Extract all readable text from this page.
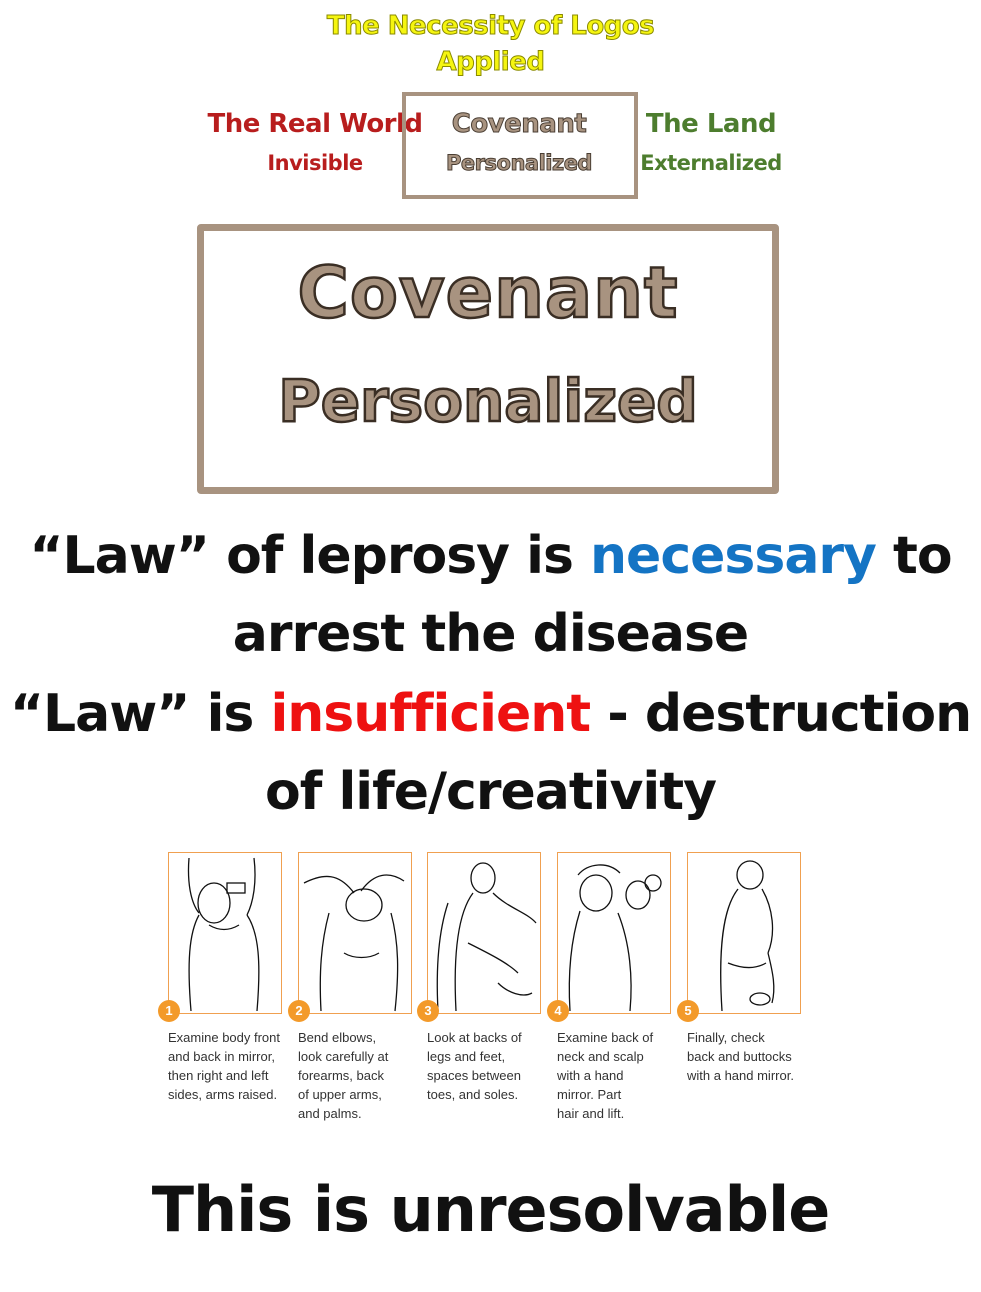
The Necessity of Logos
Applied
The Real World
Invisible
Covenant
Personalized
The Land
Externalized
Covenant
Personalized
“Law” of leprosy is necessary to
arrest the disease
“Law” is insufficient - destruction
of life/creativity
1
Examine body front
and back in mirror,
then right and left
sides, arms raised.
2
Bend elbows,
look carefully at
forearms, back
of upper arms,
and palms.
3
Look at backs of
legs and feet,
spaces between
toes, and soles.
4
Examine back of
neck and scalp
with a hand
mirror. Part
hair and lift.
5
Finally, check
back and buttocks
with a hand mirror.
This is unresolvable
